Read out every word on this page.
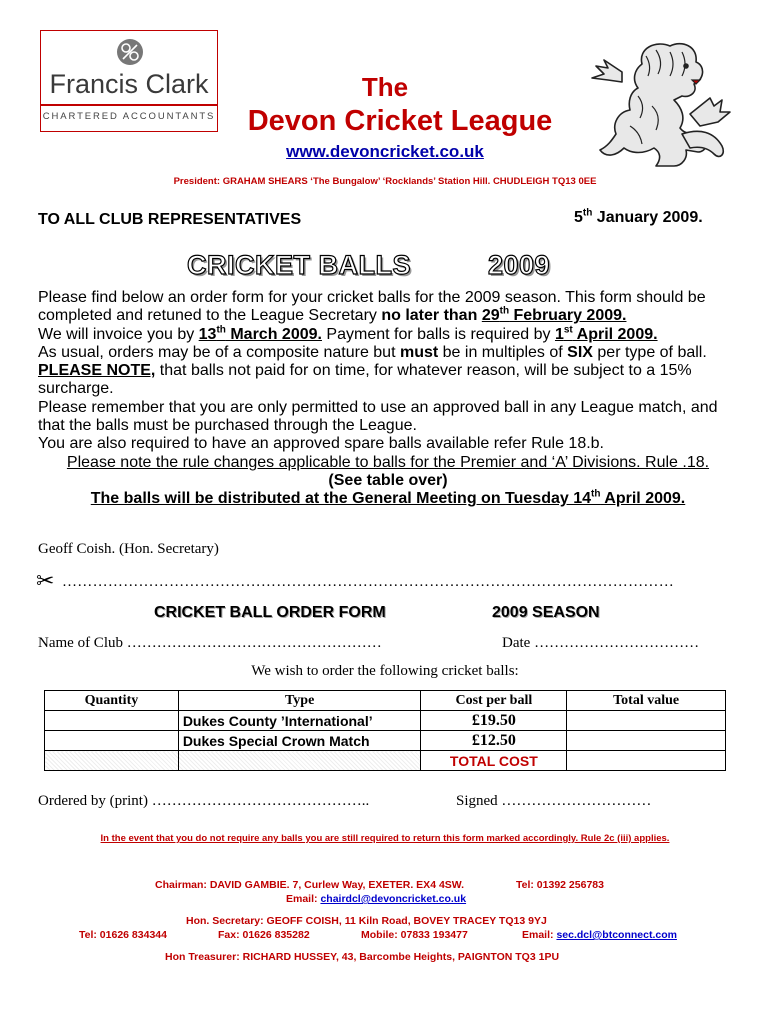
Francis Clark
CHARTERED ACCOUNTANTS
The
Devon Cricket League
www.devoncricket.co.uk
President: GRAHAM SHEARS ‘The Bungalow’ ‘Rocklands’ Station Hill. CHUDLEIGH TQ13 0EE
TO ALL CLUB REPRESENTATIVES	5th January 2009.
CRICKET BALLS	2009

Please find below an order form for your cricket balls for the 2009 season. This form should be completed and retuned to the League Secretary no later than 29th February 2009.

We will invoice you by 13th March 2009. Payment for balls is required by 1st April 2009.

As usual, orders may be of a composite nature but must be in multiples of SIX per type of ball.

PLEASE NOTE, that balls not paid for on time, for whatever reason, will be subject to a 15% surcharge.

Please remember that you are only permitted to use an approved ball in any League match, and that the balls must be purchased through the League.

You are also required to have an approved spare balls available refer Rule 18.b.

Please note the rule changes applicable to balls for the Premier and ‘A’ Divisions. Rule .18.

(See table over)

The balls will be distributed at the General Meeting on Tuesday 14th April 2009.

Geoff Coish. (Hon. Secretary)
✂ …………………………………………………………………………………………………………
CRICKET BALL ORDER FORM	2009 SEASON
Name of Club ……………………………………………	Date ……………………………
We wish to order the following cricket balls:
Quantity	Type	Cost per ball	Total value
	Dukes County ’International’	£19.50	
	Dukes Special Crown Match	£12.50	
		TOTAL COST	
Ordered by (print) ……………………………………..	Signed …………………………
In the event that you do not require any balls you are still required to return this form marked accordingly. Rule 2c (iii) applies.
Chairman: DAVID GAMBIE. 7, Curlew Way, EXETER. EX4 4SW.	Tel: 01392 256783
Email: chairdcl@devoncricket.co.uk
Hon. Secretary: GEOFF COISH, 11 Kiln Road, BOVEY TRACEY TQ13 9YJ
Tel: 01626 834344	Fax: 01626 835282	Mobile: 07833 193477	Email: sec.dcl@btconnect.com
Hon Treasurer: RICHARD HUSSEY, 43, Barcombe Heights, PAIGNTON TQ3 1PU
